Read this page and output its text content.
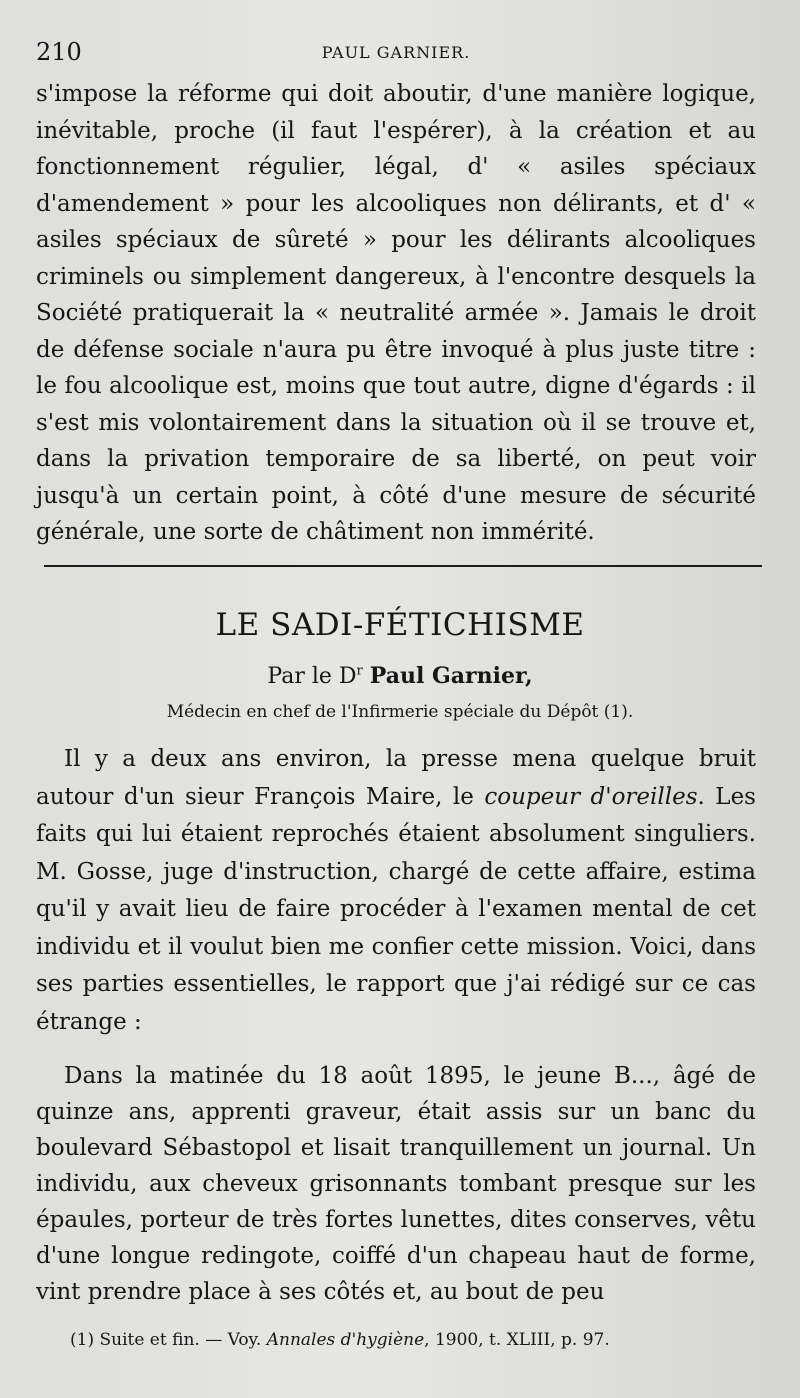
210	PAUL GARNIER.

s'impose la réforme qui doit aboutir, d'une manière logique, inévitable, proche (il faut l'espérer), à la création et au fonctionnement régulier, légal, d' « asiles spéciaux d'amendement » pour les alcooliques non délirants, et d' « asiles spéciaux de sûreté » pour les délirants alcooliques criminels ou simplement dangereux, à l'encontre desquels la Société pratiquerait la « neutralité armée ». Jamais le droit de défense sociale n'aura pu être invoqué à plus juste titre : le fou alcoolique est, moins que tout autre, digne d'égards : il s'est mis volontairement dans la situation où il se trouve et, dans la privation temporaire de sa liberté, on peut voir jusqu'à un certain point, à côté d'une mesure de sécurité générale, une sorte de châtiment non immérité.

LE SADI-FÉTICHISME
Par le $D^r$ Paul Garnier,
Médecin en chef de l'Infirmerie spéciale du Dépôt (1).

Il y a deux ans environ, la presse mena quelque bruit autour d'un sieur François Maire, le coupeur d'oreilles. Les faits qui lui étaient reprochés étaient absolument singuliers. M. Gosse, juge d'instruction, chargé de cette affaire, estima qu'il y avait lieu de faire procéder à l'examen mental de cet individu et il voulut bien me confier cette mission. Voici, dans ses parties essentielles, le rapport que j'ai rédigé sur ce cas étrange :

Dans la matinée du 18 août 1895, le jeune B..., âgé de quinze ans, apprenti graveur, était assis sur un banc du boulevard Sébastopol et lisait tranquillement un journal. Un individu, aux cheveux grisonnants tombant presque sur les épaules, porteur de très fortes lunettes, dites conserves, vêtu d'une longue redingote, coiffé d'un chapeau haut de forme, vint prendre place à ses côtés et, au bout de peu

(1) Suite et fin. — Voy. Annales d'hygiène, 1900, t. XLIII, p. 97.
